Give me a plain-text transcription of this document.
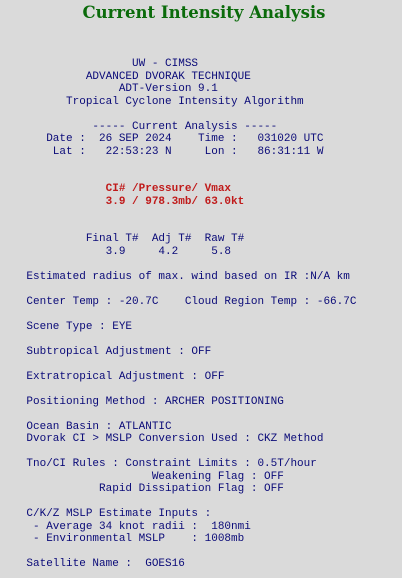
Current Intensity Analysis
UW - CIMSS
ADVANCED DVORAK TECHNIQUE
ADT-Version 9.1
Tropical Cyclone Intensity Algorithm
----- Current Analysis -----
Date :  26 SEP 2024    Time :   031020 UTC
Lat :   22:53:23 N     Lon :   86:31:11 W
CI# /Pressure/ Vmax
3.9 / 978.3mb/ 63.0kt
Final T#  Adj T#  Raw T#
3.9     4.2     5.8
Estimated radius of max. wind based on IR :N/A km
Center Temp : -20.7C    Cloud Region Temp : -66.7C
Scene Type : EYE
Subtropical Adjustment : OFF
Extratropical Adjustment : OFF
Positioning Method : ARCHER POSITIONING
Ocean Basin : ATLANTIC
Dvorak CI > MSLP Conversion Used : CKZ Method
Tno/CI Rules : Constraint Limits : 0.5T/hour
Weakening Flag : OFF
Rapid Dissipation Flag : OFF
C/K/Z MSLP Estimate Inputs :
- Average 34 knot radii :  180nmi
- Environmental MSLP    : 1008mb
Satellite Name :  GOES16
